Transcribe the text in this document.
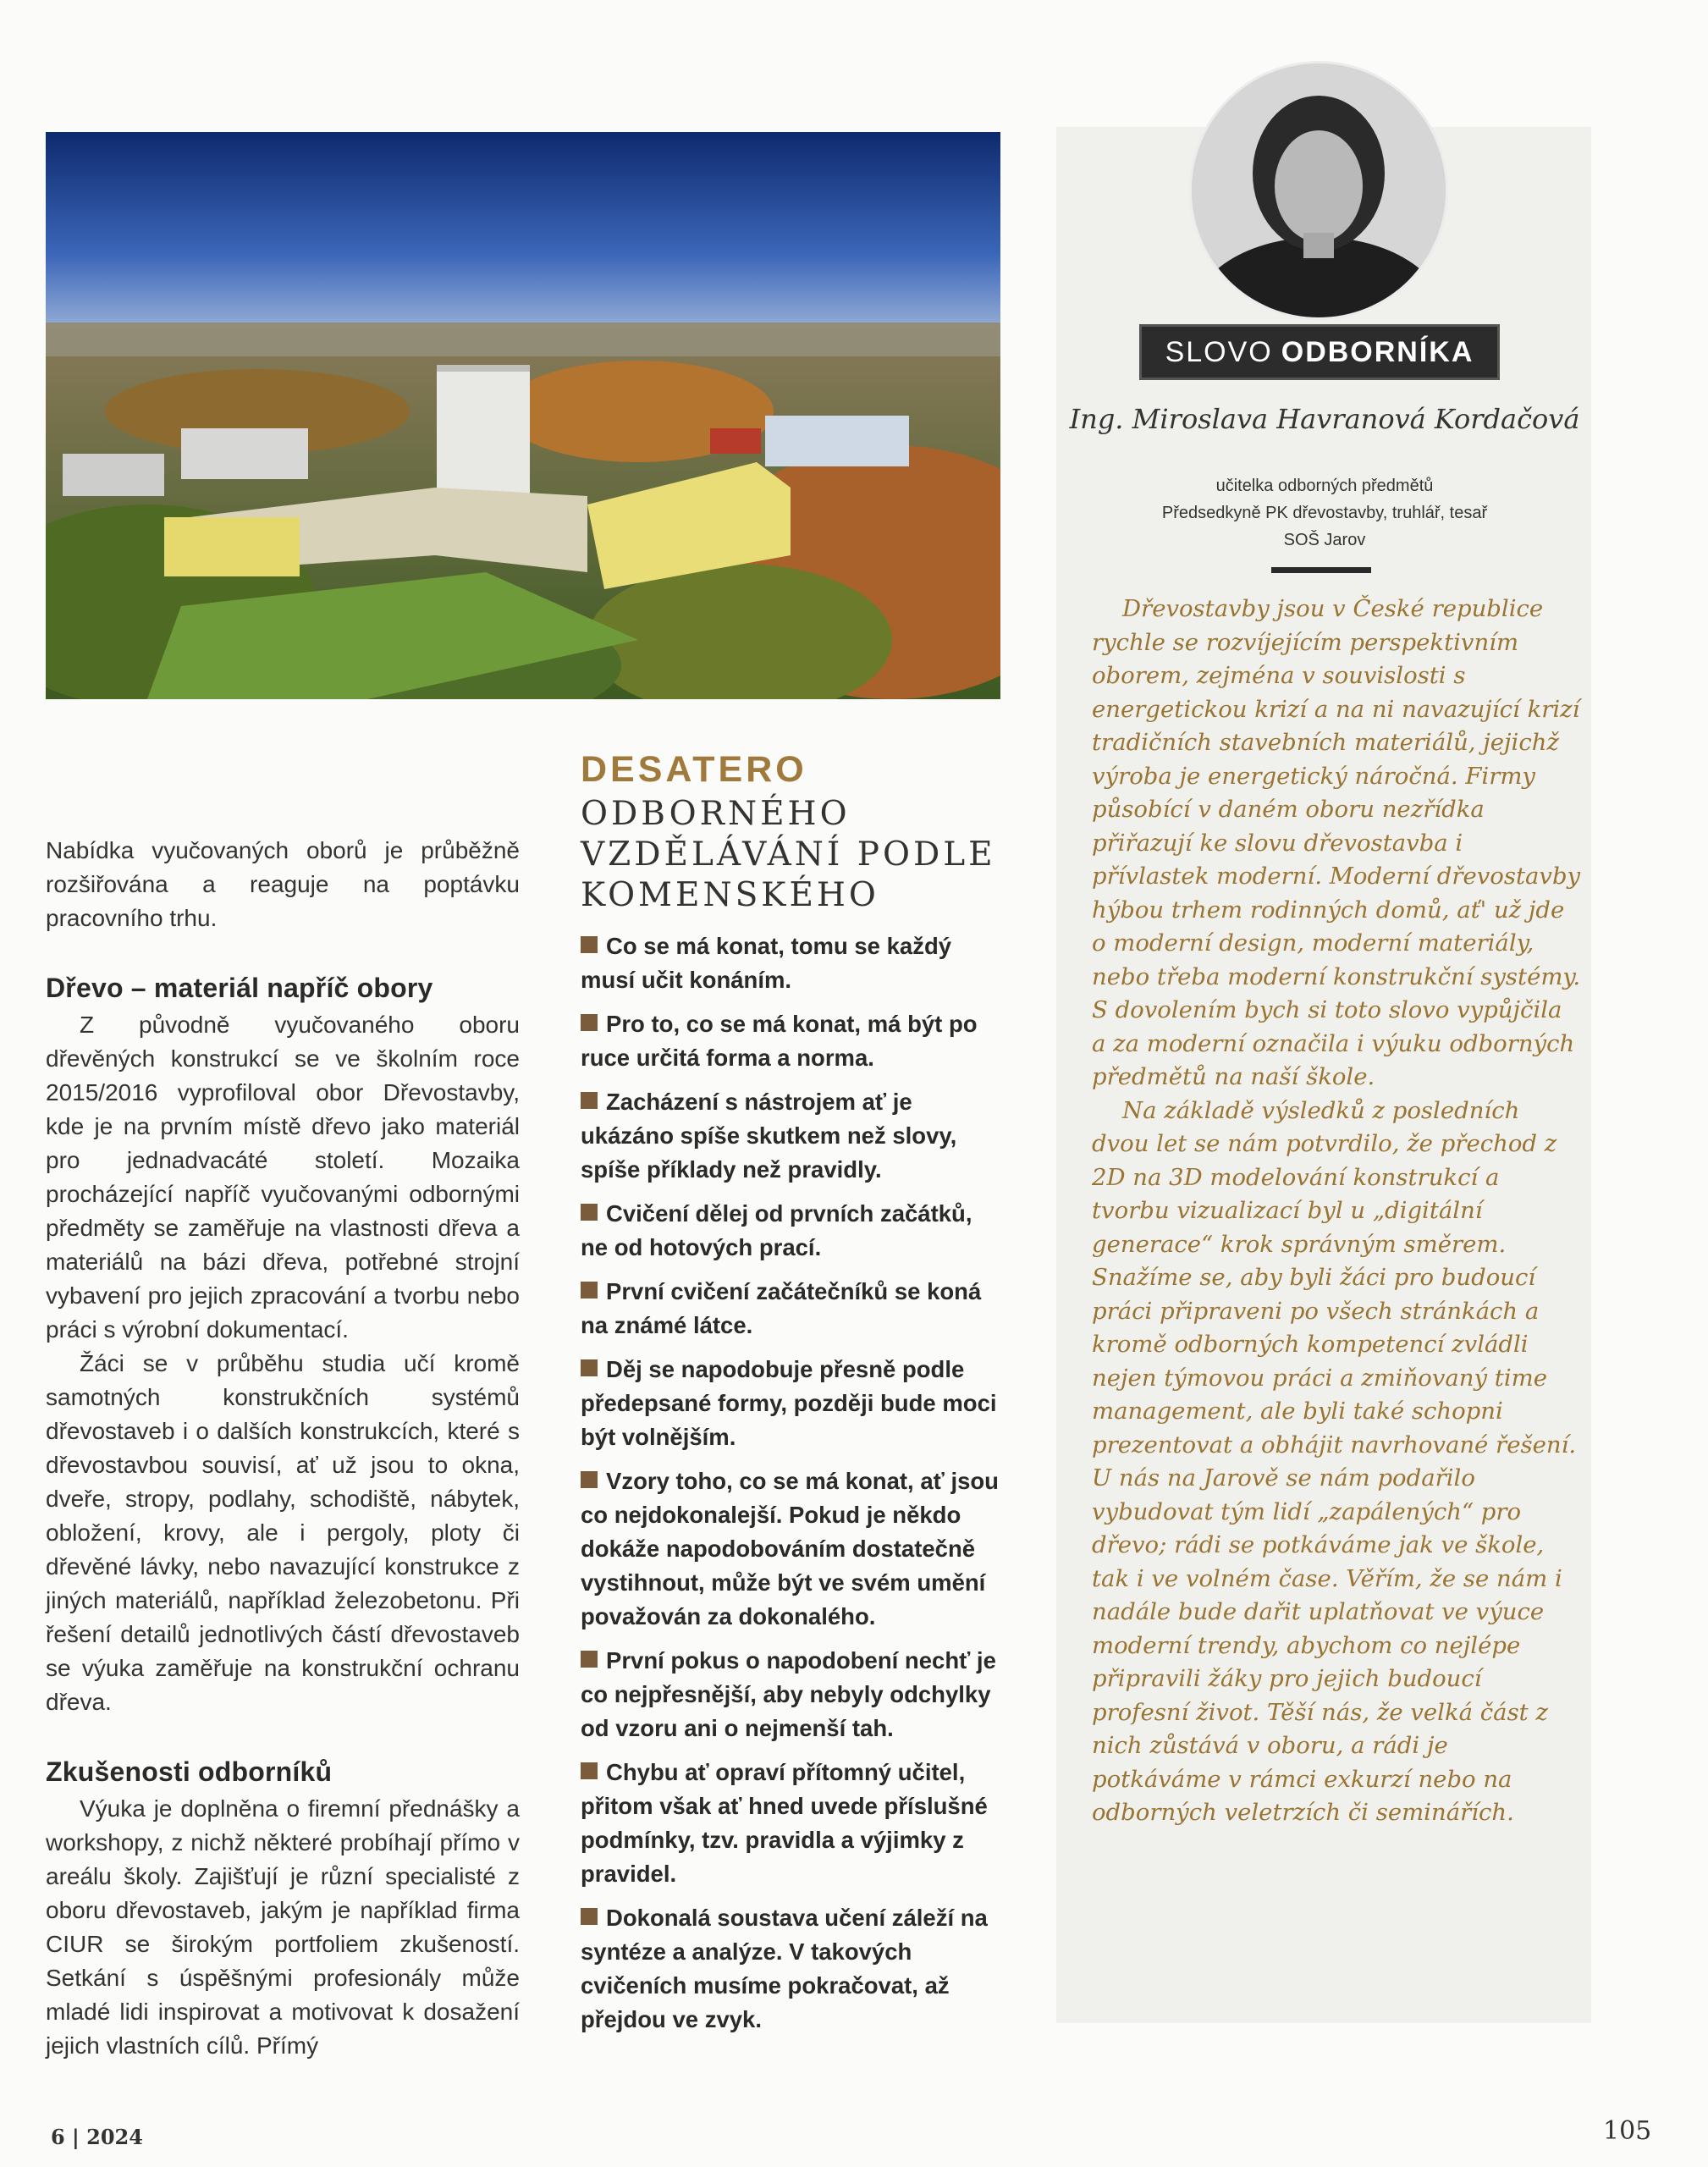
Nabídka vyučovaných oborů je průběžně rozšiřována a reaguje na poptávku pracovního trhu.

Dřevo – materiál napříč obory

Z původně vyučovaného oboru dřevěných konstrukcí se ve školním roce 2015/2016 vyprofiloval obor Dřevostavby, kde je na prvním místě dřevo jako materiál pro jednadvacáté století. Mozaika procházející napříč vyučovanými odbornými předměty se zaměřuje na vlastnosti dřeva a materiálů na bázi dřeva, potřebné strojní vybavení pro jejich zpracování a tvorbu nebo práci s výrobní dokumentací.

Žáci se v průběhu studia učí kromě samotných konstrukčních systémů dřevostaveb i o dalších konstrukcích, které s dřevostavbou souvisí, ať už jsou to okna, dveře, stropy, podlahy, schodiště, nábytek, obložení, krovy, ale i pergoly, ploty či dřevěné lávky, nebo navazující konstrukce z jiných materiálů, například železobetonu. Při řešení detailů jednotlivých částí dřevostaveb se výuka zaměřuje na konstrukční ochranu dřeva.

Zkušenosti odborníků

Výuka je doplněna o firemní přednášky a workshopy, z nichž některé probíhají přímo v areálu školy. Zajišťují je různí specialisté z oboru dřevostaveb, jakým je například firma CIUR se širokým portfoliem zkušeností. Setkání s úspěšnými profesionály může mladé lidi inspirovat a motivovat k dosažení jejich vlastních cílů. Přímý

DESATERO
ODBORNÉHO VZDĚLÁVÁNÍ PODLE KOMENSKÉHO
Co se má konat, tomu se každý musí učit konáním.
Pro to, co se má konat, má být po ruce určitá forma a norma.
Zacházení s nástrojem ať je ukázáno spíše skutkem než slovy, spíše příklady než pravidly.
Cvičení dělej od prvních začátků, ne od hotových prací.
První cvičení začátečníků se koná na známé látce.
Děj se napodobuje přesně podle předepsané formy, později bude moci být volnějším.
Vzory toho, co se má konat, ať jsou co nejdokonalejší. Pokud je někdo dokáže napodobováním dostatečně vystihnout, může být ve svém umění považován za dokonalého.
První pokus o napodobení nechť je co nejpřesnější, aby nebyly odchylky od vzoru ani o nejmenší tah.
Chybu ať opraví přítomný učitel, přitom však ať hned uvede příslušné podmínky, tzv. pravidla a výjimky z pravidel.
Dokonalá soustava učení záleží na syntéze a analýze. V takových cvičeních musíme pokračovat, až přejdou ve zvyk.
SLOVO ODBORNÍKA
Ing. Miroslava Havranová Kordačová
učitelka odborných předmětů
Předsedkyně PK dřevostavby, truhlář, tesař
SOŠ Jarov

Dřevostavby jsou v České republice rychle se rozvíjejícím perspektivním oborem, zejména v souvislosti s energetickou krizí a na ni navazující krizí tradičních stavebních materiálů, jejichž výroba je energetický náročná. Firmy působící v daném oboru nezřídka přiřazují ke slovu dřevostavba i přívlastek moderní. Moderní dřevostavby hýbou trhem rodinných domů, ať' už jde o moderní design, moderní materiály, nebo třeba moderní konstrukční systémy. S dovolením bych si toto slovo vypůjčila a za moderní označila i výuku odborných předmětů na naší škole.

Na základě výsledků z posledních dvou let se nám potvrdilo, že přechod z 2D na 3D modelování konstrukcí a tvorbu vizualizací byl u „digitální generace“ krok správným směrem. Snažíme se, aby byli žáci pro budoucí práci připraveni po všech stránkách a kromě odborných kompetencí zvládli nejen týmovou práci a zmiňovaný time management, ale byli také schopni prezentovat a obhájit navrhované řešení. U nás na Jarově se nám podařilo vybudovat tým lidí „zapálených“ pro dřevo; rádi se potkáváme jak ve škole, tak i ve volném čase. Věřím, že se nám i nadále bude dařit uplatňovat ve výuce moderní trendy, abychom co nejlépe připravili žáky pro jejich budoucí profesní život. Těší nás, že velká část z nich zůstává v oboru, a rádi je potkáváme v rámci exkurzí nebo na odborných veletrzích či seminářích.

6 | 2024	105
